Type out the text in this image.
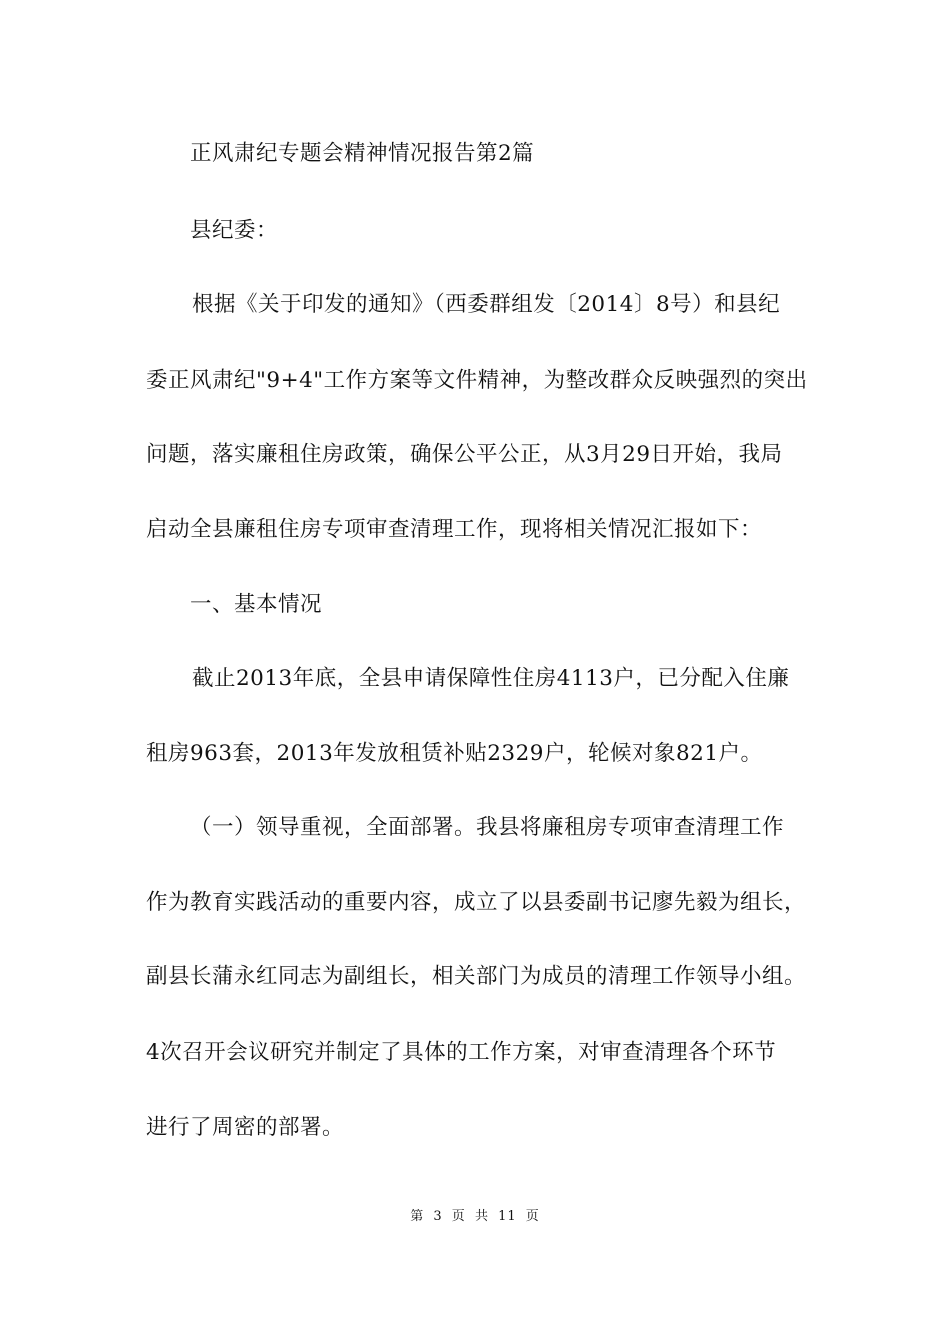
正风肃纪专题会精神情况报告第2篇
县纪委：
根据《关于印发的通知》（西委群组发〔2014〕8号）和县纪
委正风肃纪"9+4"工作方案等文件精神，为整改群众反映强烈的突出
问题，落实廉租住房政策，确保公平公正，从3月29日开始，我局
启动全县廉租住房专项审查清理工作，现将相关情况汇报如下：
一、基本情况
截止2013年底，全县申请保障性住房4113户，已分配入住廉
租房963套，2013年发放租赁补贴2329户，轮候对象821户。
（一）领导重视，全面部署。我县将廉租房专项审查清理工作
作为教育实践活动的重要内容，成立了以县委副书记廖先毅为组长，
副县长蒲永红同志为副组长，相关部门为成员的清理工作领导小组。
4次召开会议研究并制定了具体的工作方案，对审查清理各个环节
进行了周密的部署。
第 3 页 共 11 页
